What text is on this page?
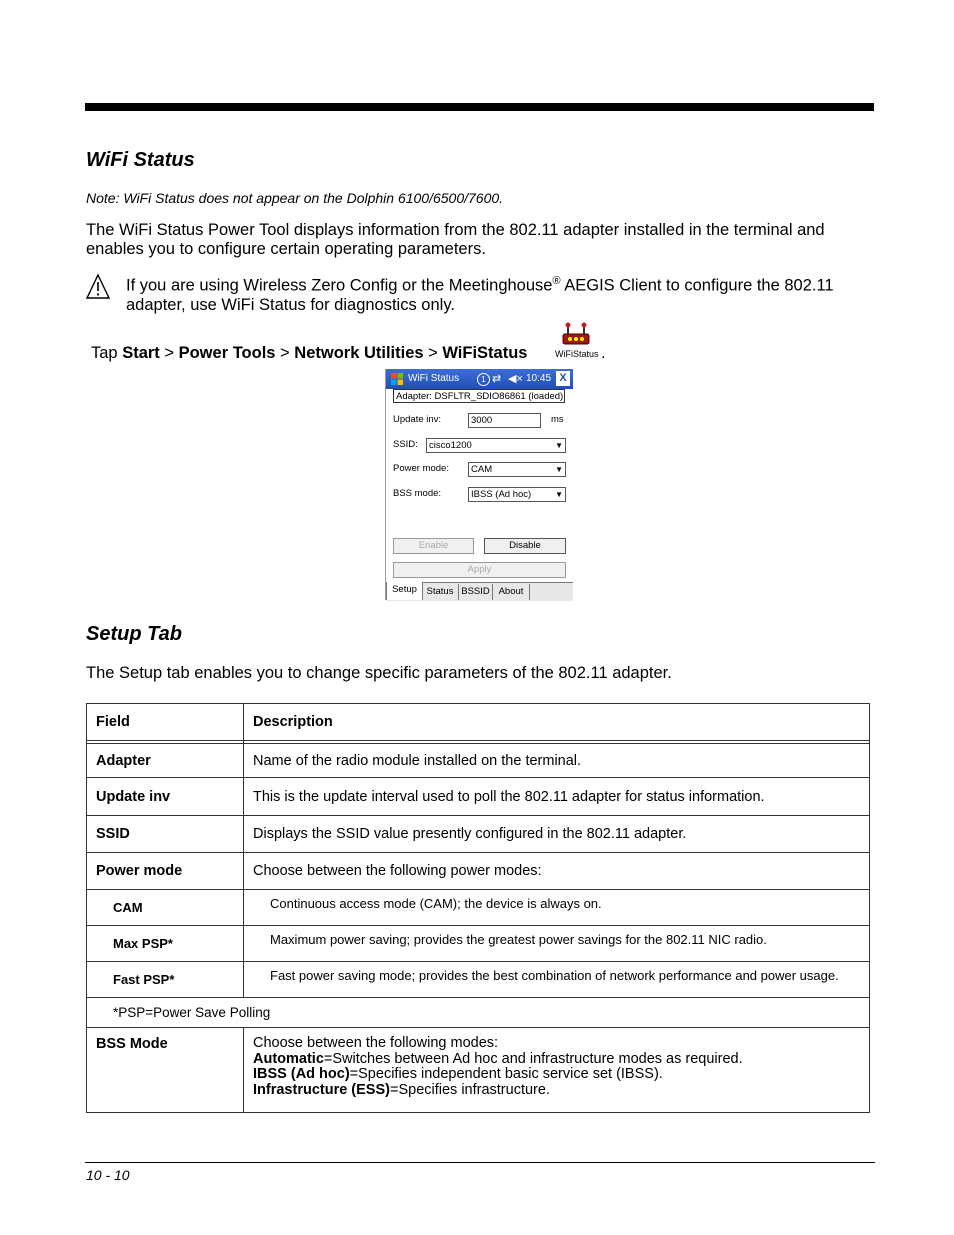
WiFi Status
Note: WiFi Status does not appear on the Dolphin 6100/6500/7600.
The WiFi Status Power Tool displays information from the 802.11 adapter installed in the terminal and enables you to configure certain operating parameters.
If you are using Wireless Zero Config or the Meetinghouse® AEGIS Client to configure the 802.11 adapter, use WiFi Status for diagnostics only.
Tap Start > Power Tools > Network Utilities > WiFiStatus	WiFiStatus .
WiFi Status	1 ⇄ ◀× 10:45 X
Adapter: DSFLTR_SDIO86861 (loaded)
Update inv:	3000	ms
SSID:	cisco1200	▼
Power mode:	CAM	▼
BSS mode:	IBSS (Ad hoc)	▼
Enable	Disable
Apply
Setup	Status BSSID About
Setup Tab
The Setup tab enables you to change specific parameters of the 802.11 adapter.
Field	Description

Adapter	Name of the radio module installed on the terminal.
Update inv	This is the update interval used to poll the 802.11 adapter for status information.
SSID	Displays the SSID value presently configured in the 802.11 adapter.
Power mode	Choose between the following power modes:
CAM	Continuous access mode (CAM); the device is always on.
Max PSP*	Maximum power saving; provides the greatest power savings for the 802.11 NIC radio.
Fast PSP*	Fast power saving mode; provides the best combination of network performance and power usage.
*PSP=Power Save Polling	
BSS Mode	Choose between the following modes:
Automatic=Switches between Ad hoc and infrastructure modes as required.
IBSS (Ad hoc)=Specifies independent basic service set (IBSS).
Infrastructure (ESS)=Specifies infrastructure.
10 - 10
